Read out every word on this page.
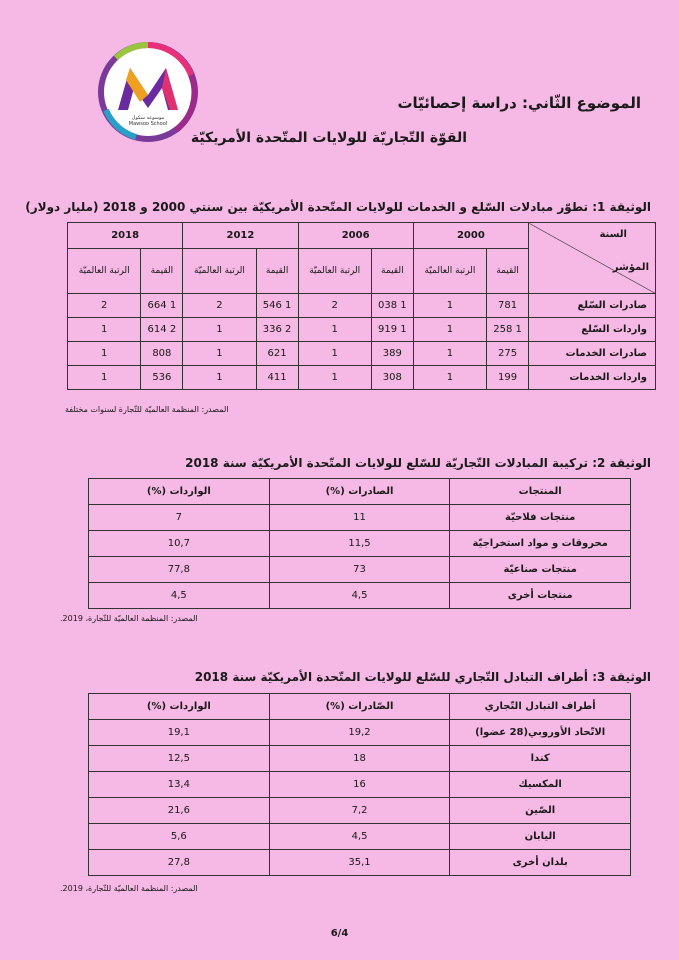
موسوعة سكول
Mawsoo School
الموضوع الثّاني: دراسة إحصائيّات
القوّة التّجاريّة للولايات المتّحدة الأمريكيّة
الوثيقة 1: تطوّر مبادلات السّلع و الخدمات للولايات المتّحدة الأمريكيّة بين سنتي 2000 و 2018 (مليار دولار)
السنة
المؤشر	2000		2006		2012		2018	
	القيمة	الرتبة العالميّة	القيمة	الرتبة العالميّة	القيمة	الرتبة العالميّة	القيمة	الرتبة العالميّة
صادرات السّلع	781	1	1 038	2	1 546	2	1 664	2
واردات السّلع	1 258	1	1 919	1	2 336	1	2 614	1
صادرات الخدمات	275	1	389	1	621	1	808	1
واردات الخدمات	199	1	308	1	411	1	536	1
المصدر: المنظمة العالميّة للتّجارة لسنوات مختلفة
الوثيقة 2: تركيبة المبادلات التّجاريّة للسّلع للولايات المتّحدة الأمريكيّة سنة 2018
المنتجات	الصادرات (%)	الواردات (%)
منتجات فلاحيّة	11	7
محروقات و مواد استخراجيّة	11,5	10,7
منتجات صناعيّة	73	77,8
منتجات أخرى	4,5	4,5
المصدر: المنظمة العالميّة للتّجارة، 2019.
الوثيقة 3: أطراف التبادل التّجاري للسّلع للولايات المتّحدة الأمريكيّة سنة 2018
أطراف التبادل التّجاري	الصّادرات (%)	الواردات (%)
الاتّحاد الأوروبي(28 عضوا)	19,2	19,1
كندا	18	12,5
المكسيك	16	13,4
الصّين	7,2	21,6
اليابان	4,5	5,6
بلدان أخرى	35,1	27,8
المصدر: المنظمة العالميّة للتّجارة، 2019.
6/4
